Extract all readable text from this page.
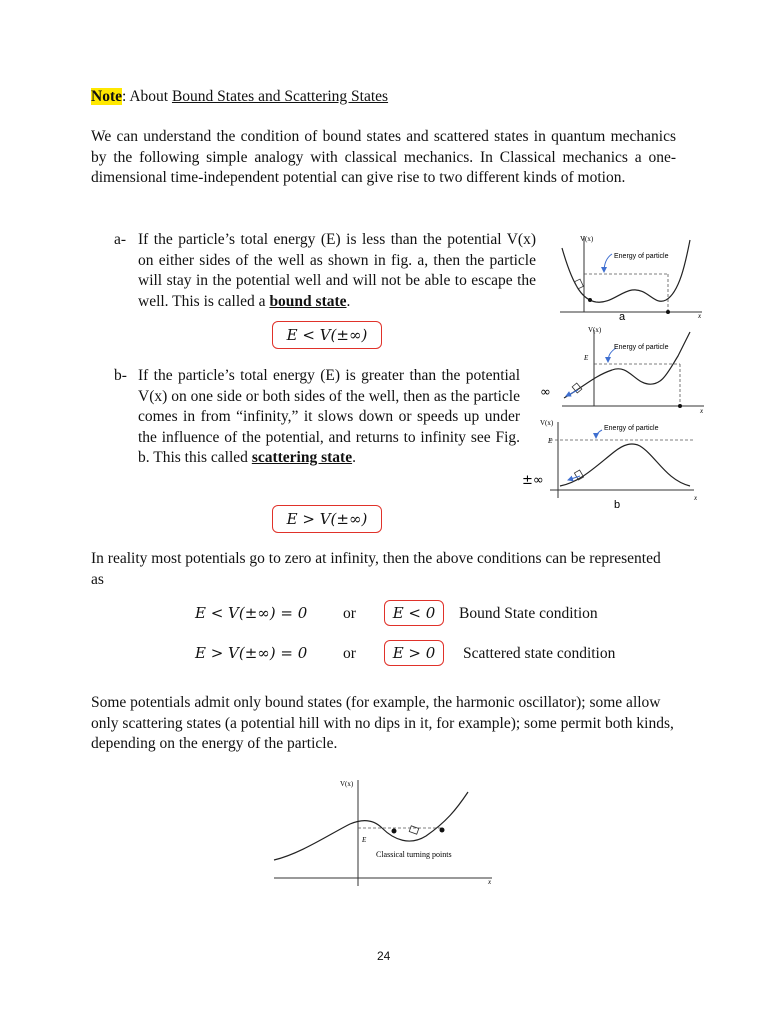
Note: About Bound States and Scattering States
We can understand the condition of bound states and scattered states in quantum mechanics by the following simple analogy with classical mechanics. In Classical mechanics a one-dimensional time-independent potential can give rise to two different kinds of motion.
a- If the particle’s total energy (E) is less than the potential V(x) on either sides of the well as shown in fig. a, then the particle will stay in the potential well and will not be able to escape the well. This is called a bound state.
E < V(±∞)
b- If the particle’s total energy (E) is greater than the potential V(x) on one side or both sides of the well, then as the particle comes in from “infinity,” it slows down or speeds up under the influence of the potential, and returns to infinity see Fig. b. This this called scattering state.
E > V(±∞)
In reality most potentials go to zero at infinity, then the above conditions can be represented as
E < V(±∞) = 0 or	E < 0	Bound State condition
E > V(±∞) = 0 or	E > 0	Scattered state condition
Some potentials admit only bound states (for example, the harmonic oscillator); some allow only scattering states (a potential hill with no dips in it, for example); some permit both kinds, depending on the energy of the particle.
V(x)
x
Energy of particle
a
V(x)
E
x
Energy of particle
∞
V(x)
E
x
Energy of particle
±∞
b
V(x)
E
x
Classical turning points
24
